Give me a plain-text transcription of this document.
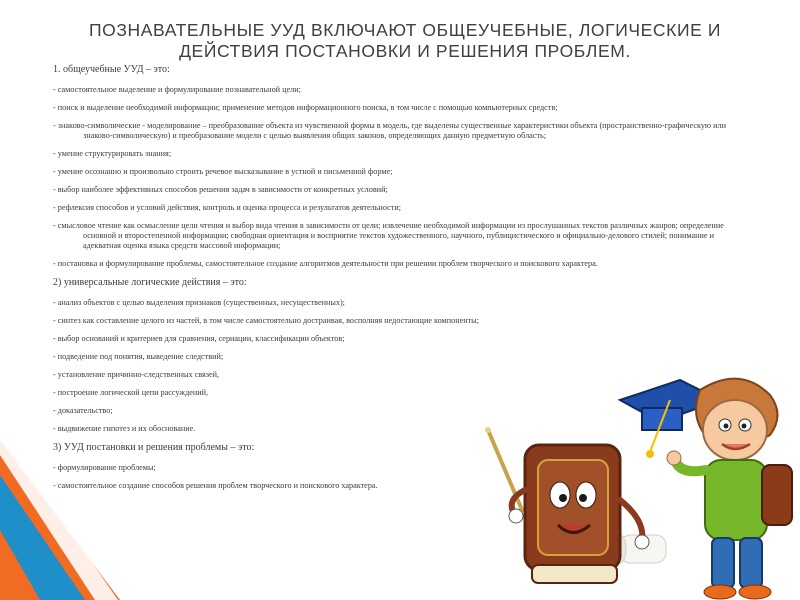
ПОЗНАВАТЕЛЬНЫЕ УУД ВКЛЮЧАЮТ ОБЩЕУЧЕБНЫЕ, ЛОГИЧЕСКИЕ И ДЕЙСТВИЯ ПОСТАНОВКИ И РЕШЕНИЯ ПРОБЛЕМ.
1. общеучебные УУД – это:
- самостоятельное выделение и формулирование познавательной цели;
- поиск и выделение необходимой информации; применение методов информационного поиска, в том числе с помощью компьютерных средств;
- знаково-символические - моделирование – преобразование объекта из чувственной формы в модель, где выделены существенные характеристики объекта (пространственно-графическую или знаково-символическую) и преобразование модели с целью выявления общих законов, определяющих данную предметную область;
- умение структурировать знания;
- умение осознанно и произвольно строить речевое высказывание в устной и письменной форме;
- выбор наиболее эффективных способов решения задач в зависимости от конкретных условий;
- рефлексия способов и условий действия, контроль и оценка процесса и результатов деятельности;
- смысловое чтение как осмысление цели чтения и выбор вида чтения в зависимости от цели; извлечение необходимой информации из прослушанных текстов различных жанров; определение основной и второстепенной информации; свободная ориентация и восприятие текстов художественного, научного, публицистического и официально-делового стилей; понимание и адекватная оценка языка средств массовой информации;
- постановка и формулирование проблемы, самостоятельное создание алгоритмов деятельности при решении проблем творческого и поискового характера.
2) универсальные логические действия – это:
- анализ объектов с целью выделения признаков (существенных, несущественных);
- синтез как составление целого из частей, в том числе самостоятельно достраивая, восполняя недостающие компоненты;
- выбор оснований и критериев для сравнения, сериации, классификации объектов;
- подведение под понятия, выведение следствий;
- установление причинно-следственных связей,
- построение логической цепи рассуждений,
- доказательство;
- выдвижение гипотез и их обоснование.
3) УУД постановки и решения проблемы – это:
- формулирование проблемы;
- самостоятельное создание способов решения проблем творческого и поискового характера.
